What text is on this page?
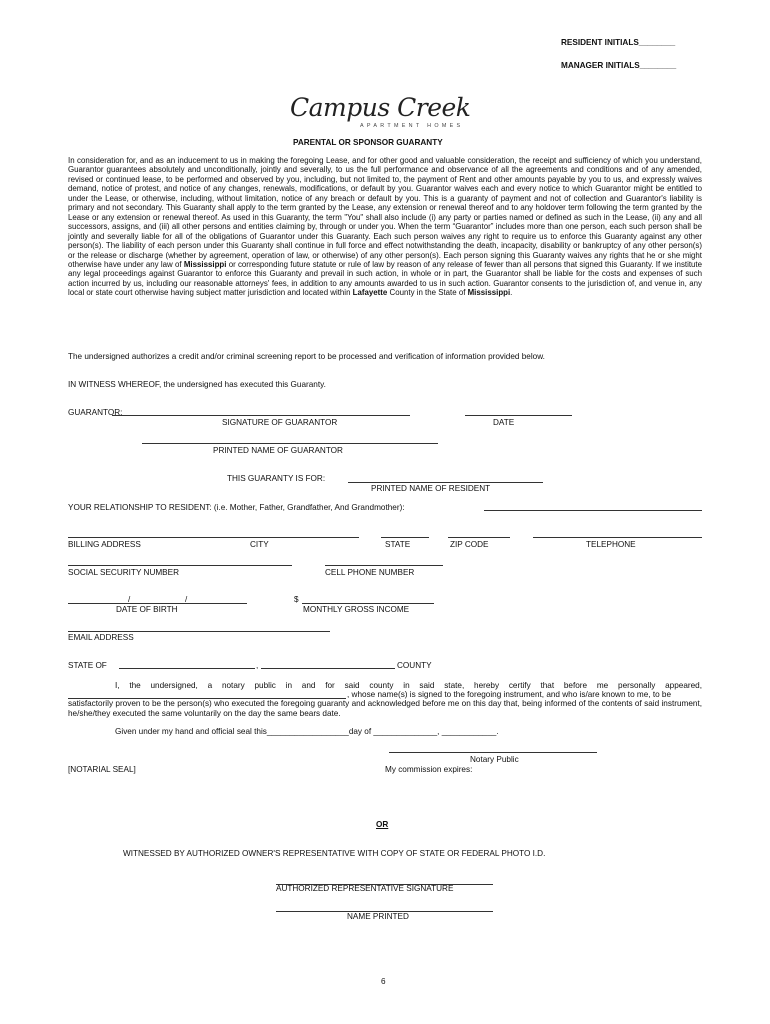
RESIDENT INITIALS________
MANAGER INITIALS________
Campus Creek
APARTMENT HOMES
PARENTAL OR SPONSOR GUARANTY
In consideration for, and as an inducement to us in making the foregoing Lease, and for other good and valuable consideration, the receipt and sufficiency of which you understand, Guarantor guarantees absolutely and unconditionally, jointly and severally, to us the full performance and observance of all the agreements and conditions and of any amended, revised or continued lease, to be performed and observed by you, including, but not limited to, the payment of Rent and other amounts payable by you to us, and expressly waives demand, notice of protest, and notice of any changes, renewals, modifications, or default by you. Guarantor waives each and every notice to which Guarantor might be entitled to under the Lease, or otherwise, including, without limitation, notice of any breach or default by you. This is a guaranty of payment and not of collection and Guarantor's liability is primary and not secondary. This Guaranty shall apply to the term granted by the Lease, any extension or renewal thereof and to any holdover term following the term granted by the Lease or any extension or renewal thereof. As used in this Guaranty, the term "You" shall also include (i) any party or parties named or defined as such in the Lease, (ii) any and all successors, assigns, and (iii) all other persons and entities claiming by, through or under you. When the term “Guarantor” includes more than one person, each such person shall be jointly and severally liable for all of the obligations of Guarantor under this Guaranty. Each such person waives any right to require us to enforce this Guaranty against any other person(s). The liability of each person under this Guaranty shall continue in full force and effect notwithstanding the death, incapacity, disability or bankruptcy of any other person(s) or the release or discharge (whether by agreement, operation of law, or otherwise) of any other person(s). Each person signing this Guaranty waives any rights that he or she might otherwise have under any law of Mississippi or corresponding future statute or rule of law by reason of any release of fewer than all persons that signed this Guaranty. If we institute any legal proceedings against Guarantor to enforce this Guaranty and prevail in such action, in whole or in part, the Guarantor shall be liable for the costs and expenses of such action incurred by us, including our reasonable attorneys' fees, in addition to any amounts awarded to us in such action. Guarantor consents to the jurisdiction of, and venue in, any local or state court otherwise having subject matter jurisdiction and located within Lafayette County in the State of Mississippi.
The undersigned authorizes a credit and/or criminal screening report to be processed and verification of information provided below.
IN WITNESS WHEREOF, the undersigned has executed this Guaranty.
GUARANTOR:
SIGNATURE OF GUARANTOR	DATE
PRINTED NAME OF GUARANTOR
THIS GUARANTY IS FOR:
PRINTED NAME OF RESIDENT
YOUR RELATIONSHIP TO RESIDENT: (i.e. Mother, Father, Grandfather, And Grandmother):
BILLING ADDRESS	CITY	STATE	ZIP CODE	TELEPHONE
SOCIAL SECURITY NUMBER	CELL PHONE NUMBER
/	/	$
DATE OF BIRTH	MONTHLY GROSS INCOME
EMAIL ADDRESS
STATE OF	,	COUNTY
I, the undersigned, a notary public in and for said county in said state, hereby certify that before me personally appeared,
, whose name(s) is signed to the foregoing instrument, and who is/are known to me, to be
satisfactorily proven to be the person(s) who executed the foregoing guaranty and acknowledged before me on this day that, being informed of the contents of said instrument, he/she/they executed the same voluntarily on the day the same bears date.
Given under my hand and official seal this__________________day of ______________, ____________.
Notary Public
[NOTARIAL SEAL]	My commission expires:
OR
WITNESSED BY AUTHORIZED OWNER'S REPRESENTATIVE WITH COPY OF STATE OR FEDERAL PHOTO I.D.
AUTHORIZED REPRESENTATIVE SIGNATURE
NAME PRINTED
6
